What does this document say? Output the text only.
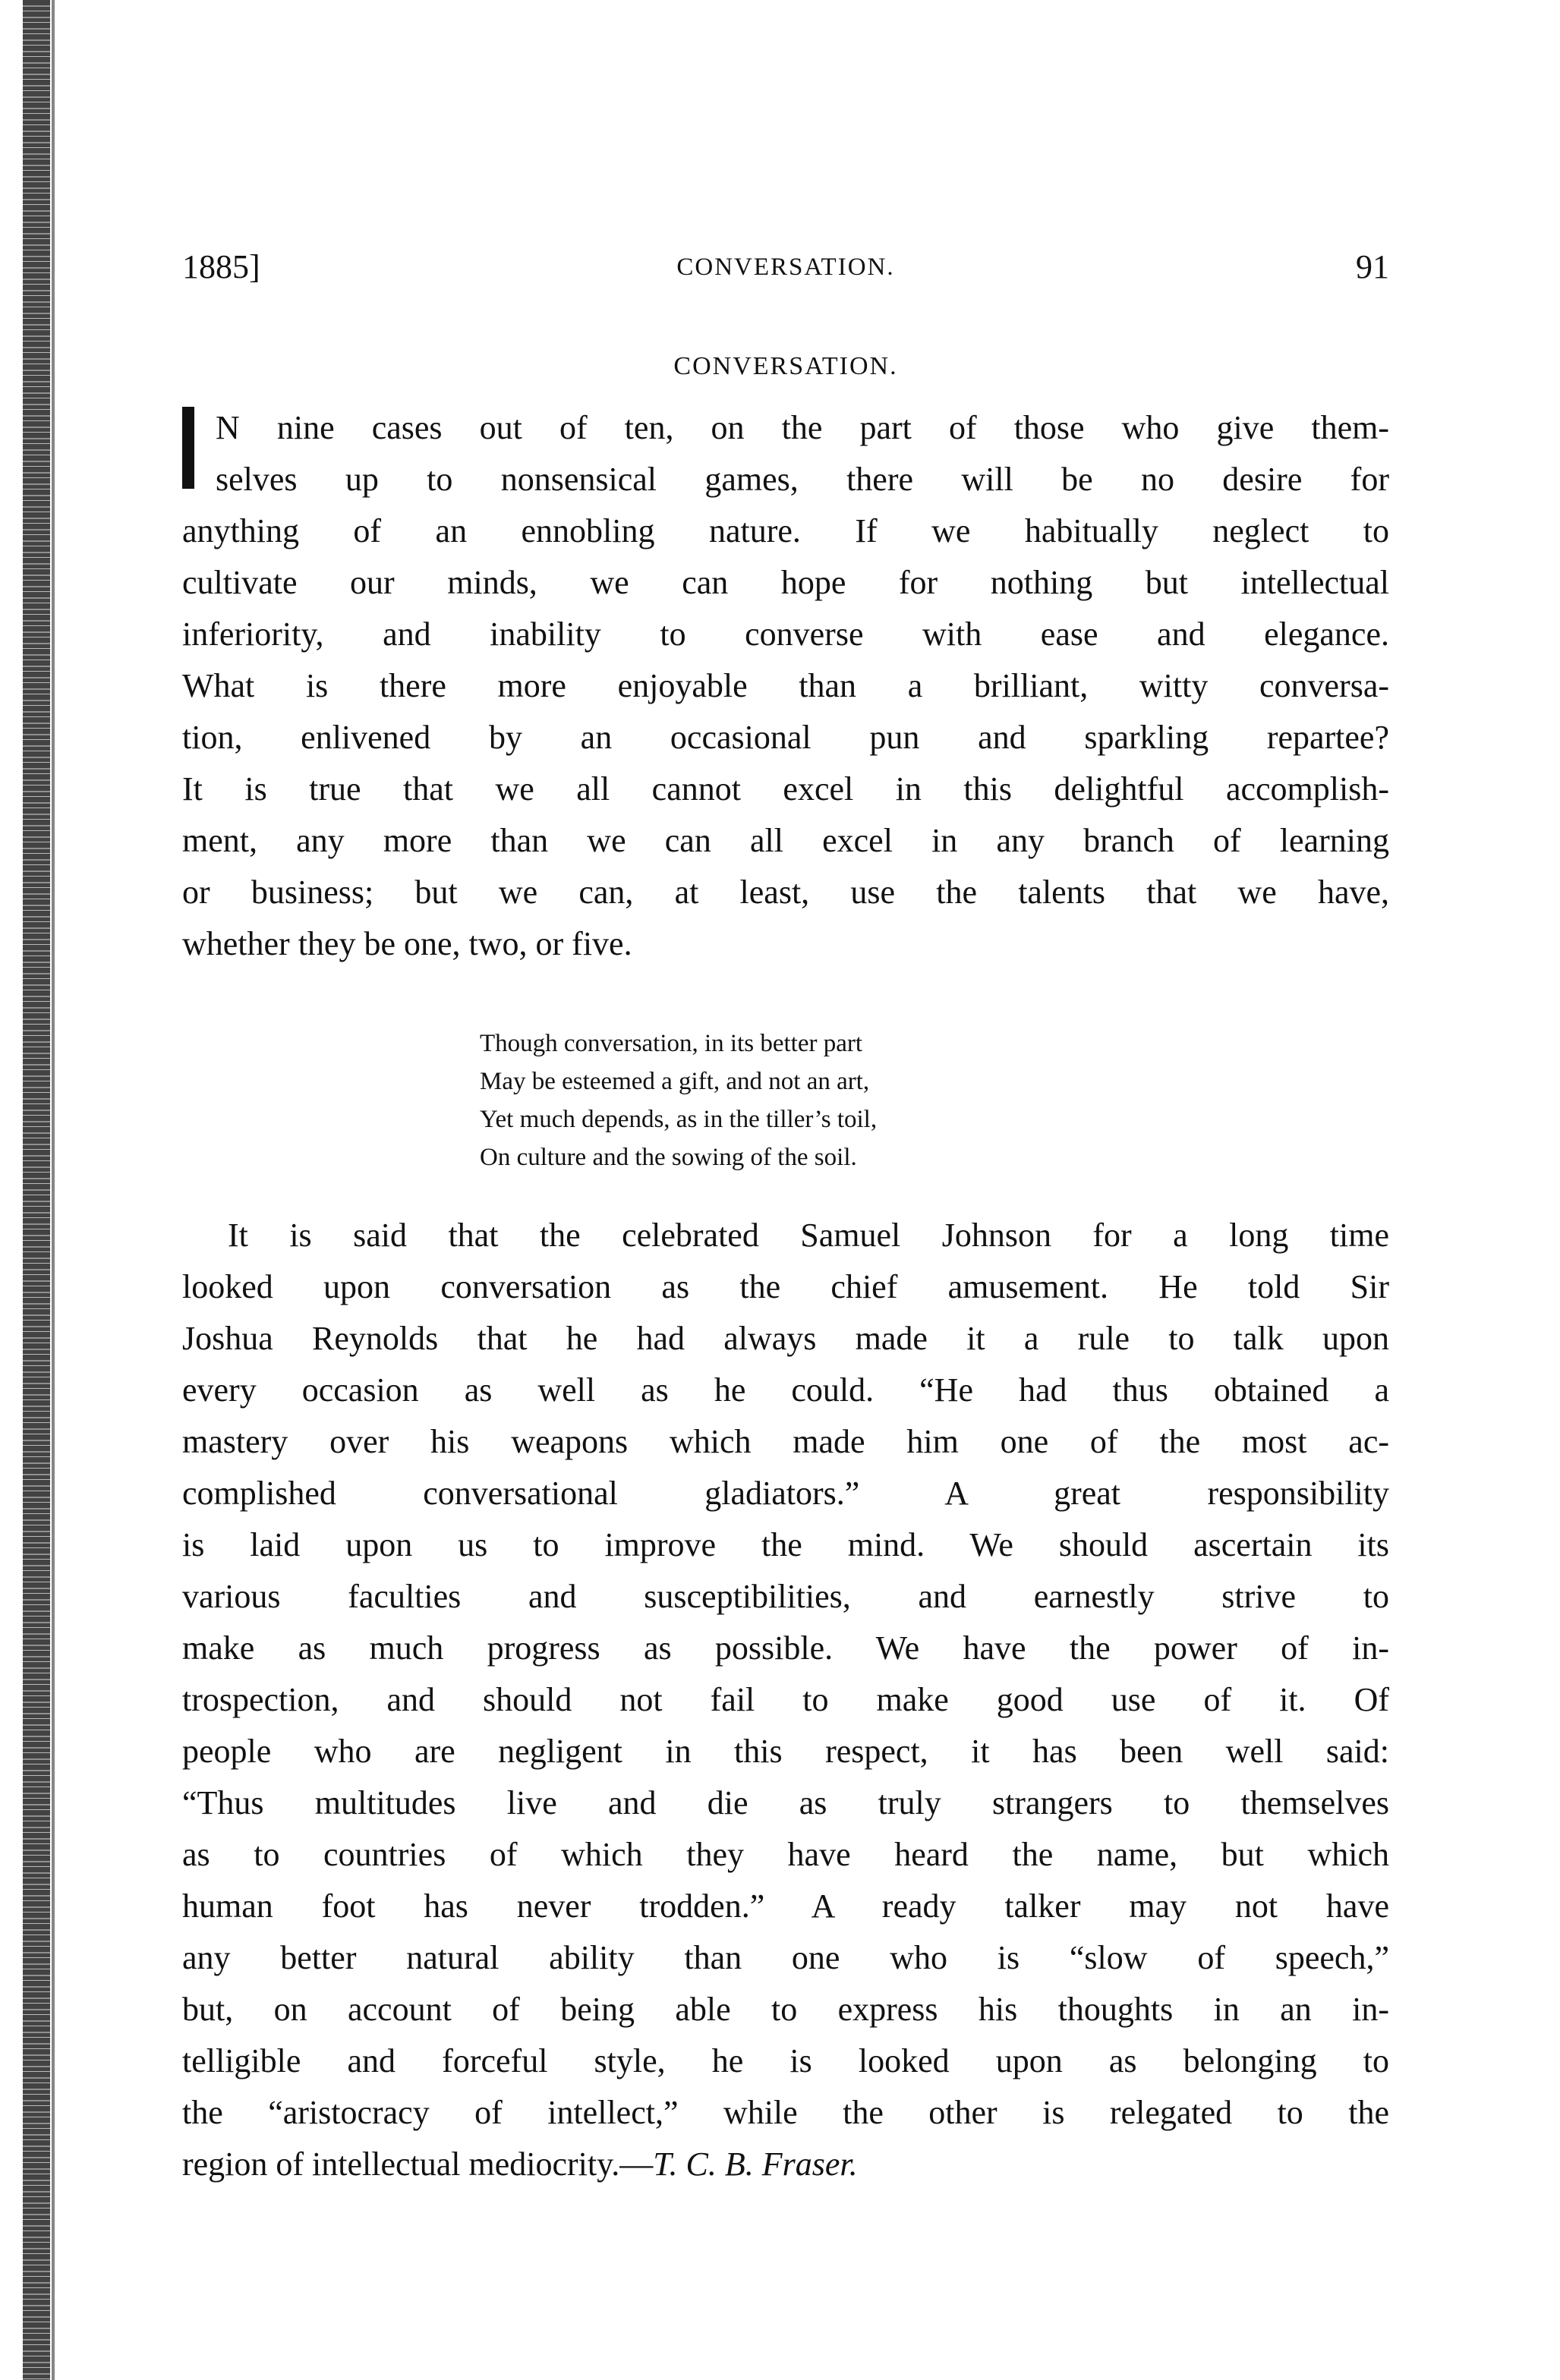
1885]	CONVERSATION.	91
CONVERSATION.
N nine cases out of ten, on the part of those who give them-
selves up to nonsensical games, there will be no desire for
anything of an ennobling nature. If we habitually neglect to
cultivate our minds, we can hope for nothing but intellectual
inferiority, and inability to converse with ease and elegance.
What is there more enjoyable than a brilliant, witty conversa-
tion, enlivened by an occasional pun and sparkling repartee?
It is true that we all cannot excel in this delightful accomplish-
ment, any more than we can all excel in any branch of learning
or business; but we can, at least, use the talents that we have,
whether they be one, two, or five.
Though conversation, in its better part
May be esteemed a gift, and not an art,
Yet much depends, as in the tiller’s toil,
On culture and the sowing of the soil.
It is said that the celebrated Samuel Johnson for a long time
looked upon conversation as the chief amusement. He told Sir
Joshua Reynolds that he had always made it a rule to talk upon
every occasion as well as he could. “He had thus obtained a
mastery over his weapons which made him one of the most ac-
complished conversational gladiators.” A great responsibility
is laid upon us to improve the mind. We should ascertain its
various faculties and susceptibilities, and earnestly strive to
make as much progress as possible. We have the power of in-
trospection, and should not fail to make good use of it. Of
people who are negligent in this respect, it has been well said:
“Thus multitudes live and die as truly strangers to themselves
as to countries of which they have heard the name, but which
human foot has never trodden.” A ready talker may not have
any better natural ability than one who is “slow of speech,”
but, on account of being able to express his thoughts in an in-
telligible and forceful style, he is looked upon as belonging to
the “aristocracy of intellect,” while the other is relegated to the
region of intellectual mediocrity.—T. C. B. Fraser.
